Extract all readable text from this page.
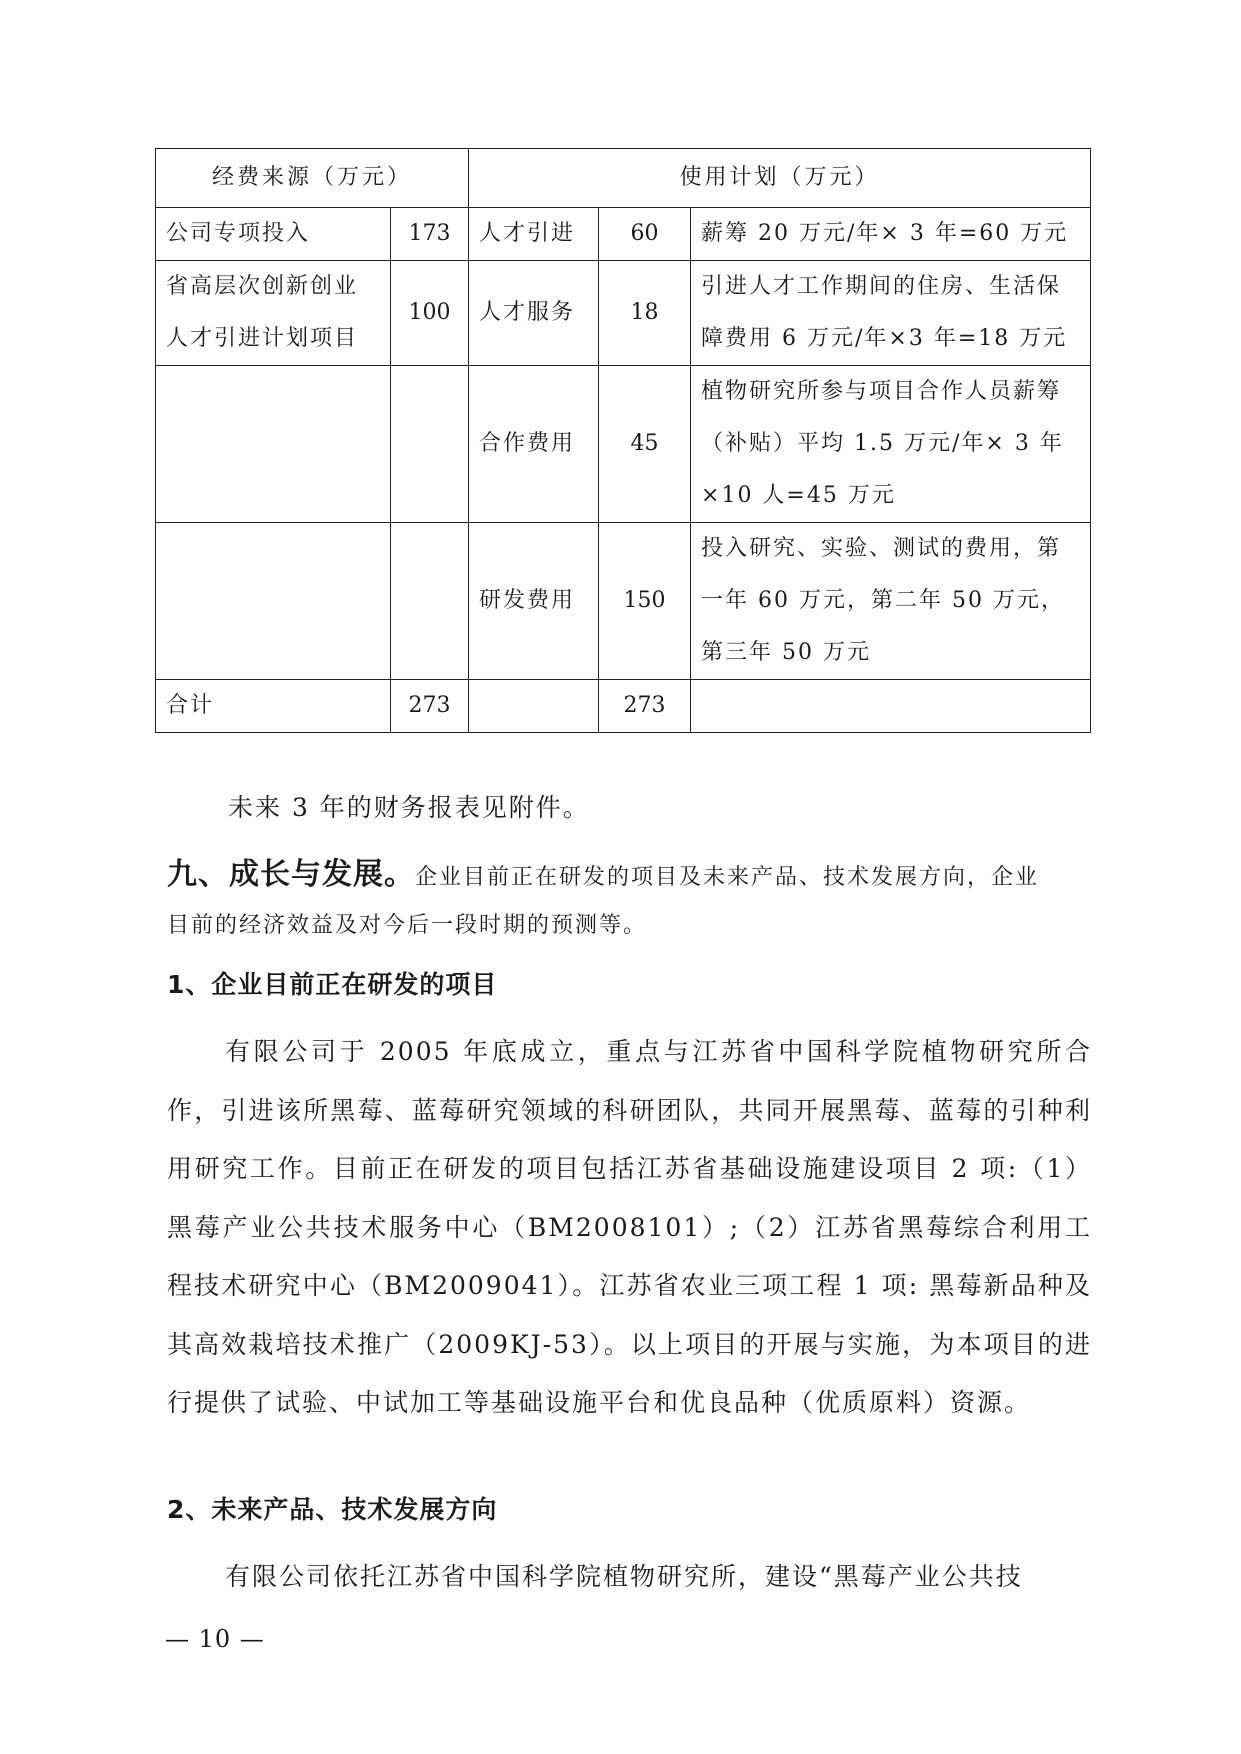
经费来源（万元）		使用计划（万元）		
公司专项投入	173	人才引进	60	薪筹 20 万元/年× 3 年=60 万元
省高层次创新创业人才引进计划项目	100	人才服务	18	引进人才工作期间的住房、生活保障费用 6 万元/年×3 年=18 万元
		合作费用	45	植物研究所参与项目合作人员薪筹（补贴）平均 1.5 万元/年× 3 年 ×10 人=45 万元
		研发费用	150	投入研究、实验、测试的费用，第一年 60 万元，第二年 50 万元，第三年 50 万元
合计	273		273	
未来 3 年的财务报表见附件。
九、成长与发展。企业目前正在研发的项目及未来产品、技术发展方向，企业
目前的经济效益及对今后一段时期的预测等。
1、企业目前正在研发的项目
有限公司于 2005 年底成立，重点与江苏省中国科学院植物研究所合作，引进该所黑莓、蓝莓研究领域的科研团队，共同开展黑莓、蓝莓的引种利用研究工作。目前正在研发的项目包括江苏省基础设施建设项目 2 项:（1）黑莓产业公共技术服务中心（BM2008101）;（2）江苏省黑莓综合利用工程技术研究中心（BM2009041）。江苏省农业三项工程 1 项: 黑莓新品种及其高效栽培技术推广（2009KJ-53）。以上项目的开展与实施，为本项目的进行提供了试验、中试加工等基础设施平台和优良品种（优质原料）资源。
2、未来产品、技术发展方向
有限公司依托江苏省中国科学院植物研究所，建设“黑莓产业公共技
— 10 —
